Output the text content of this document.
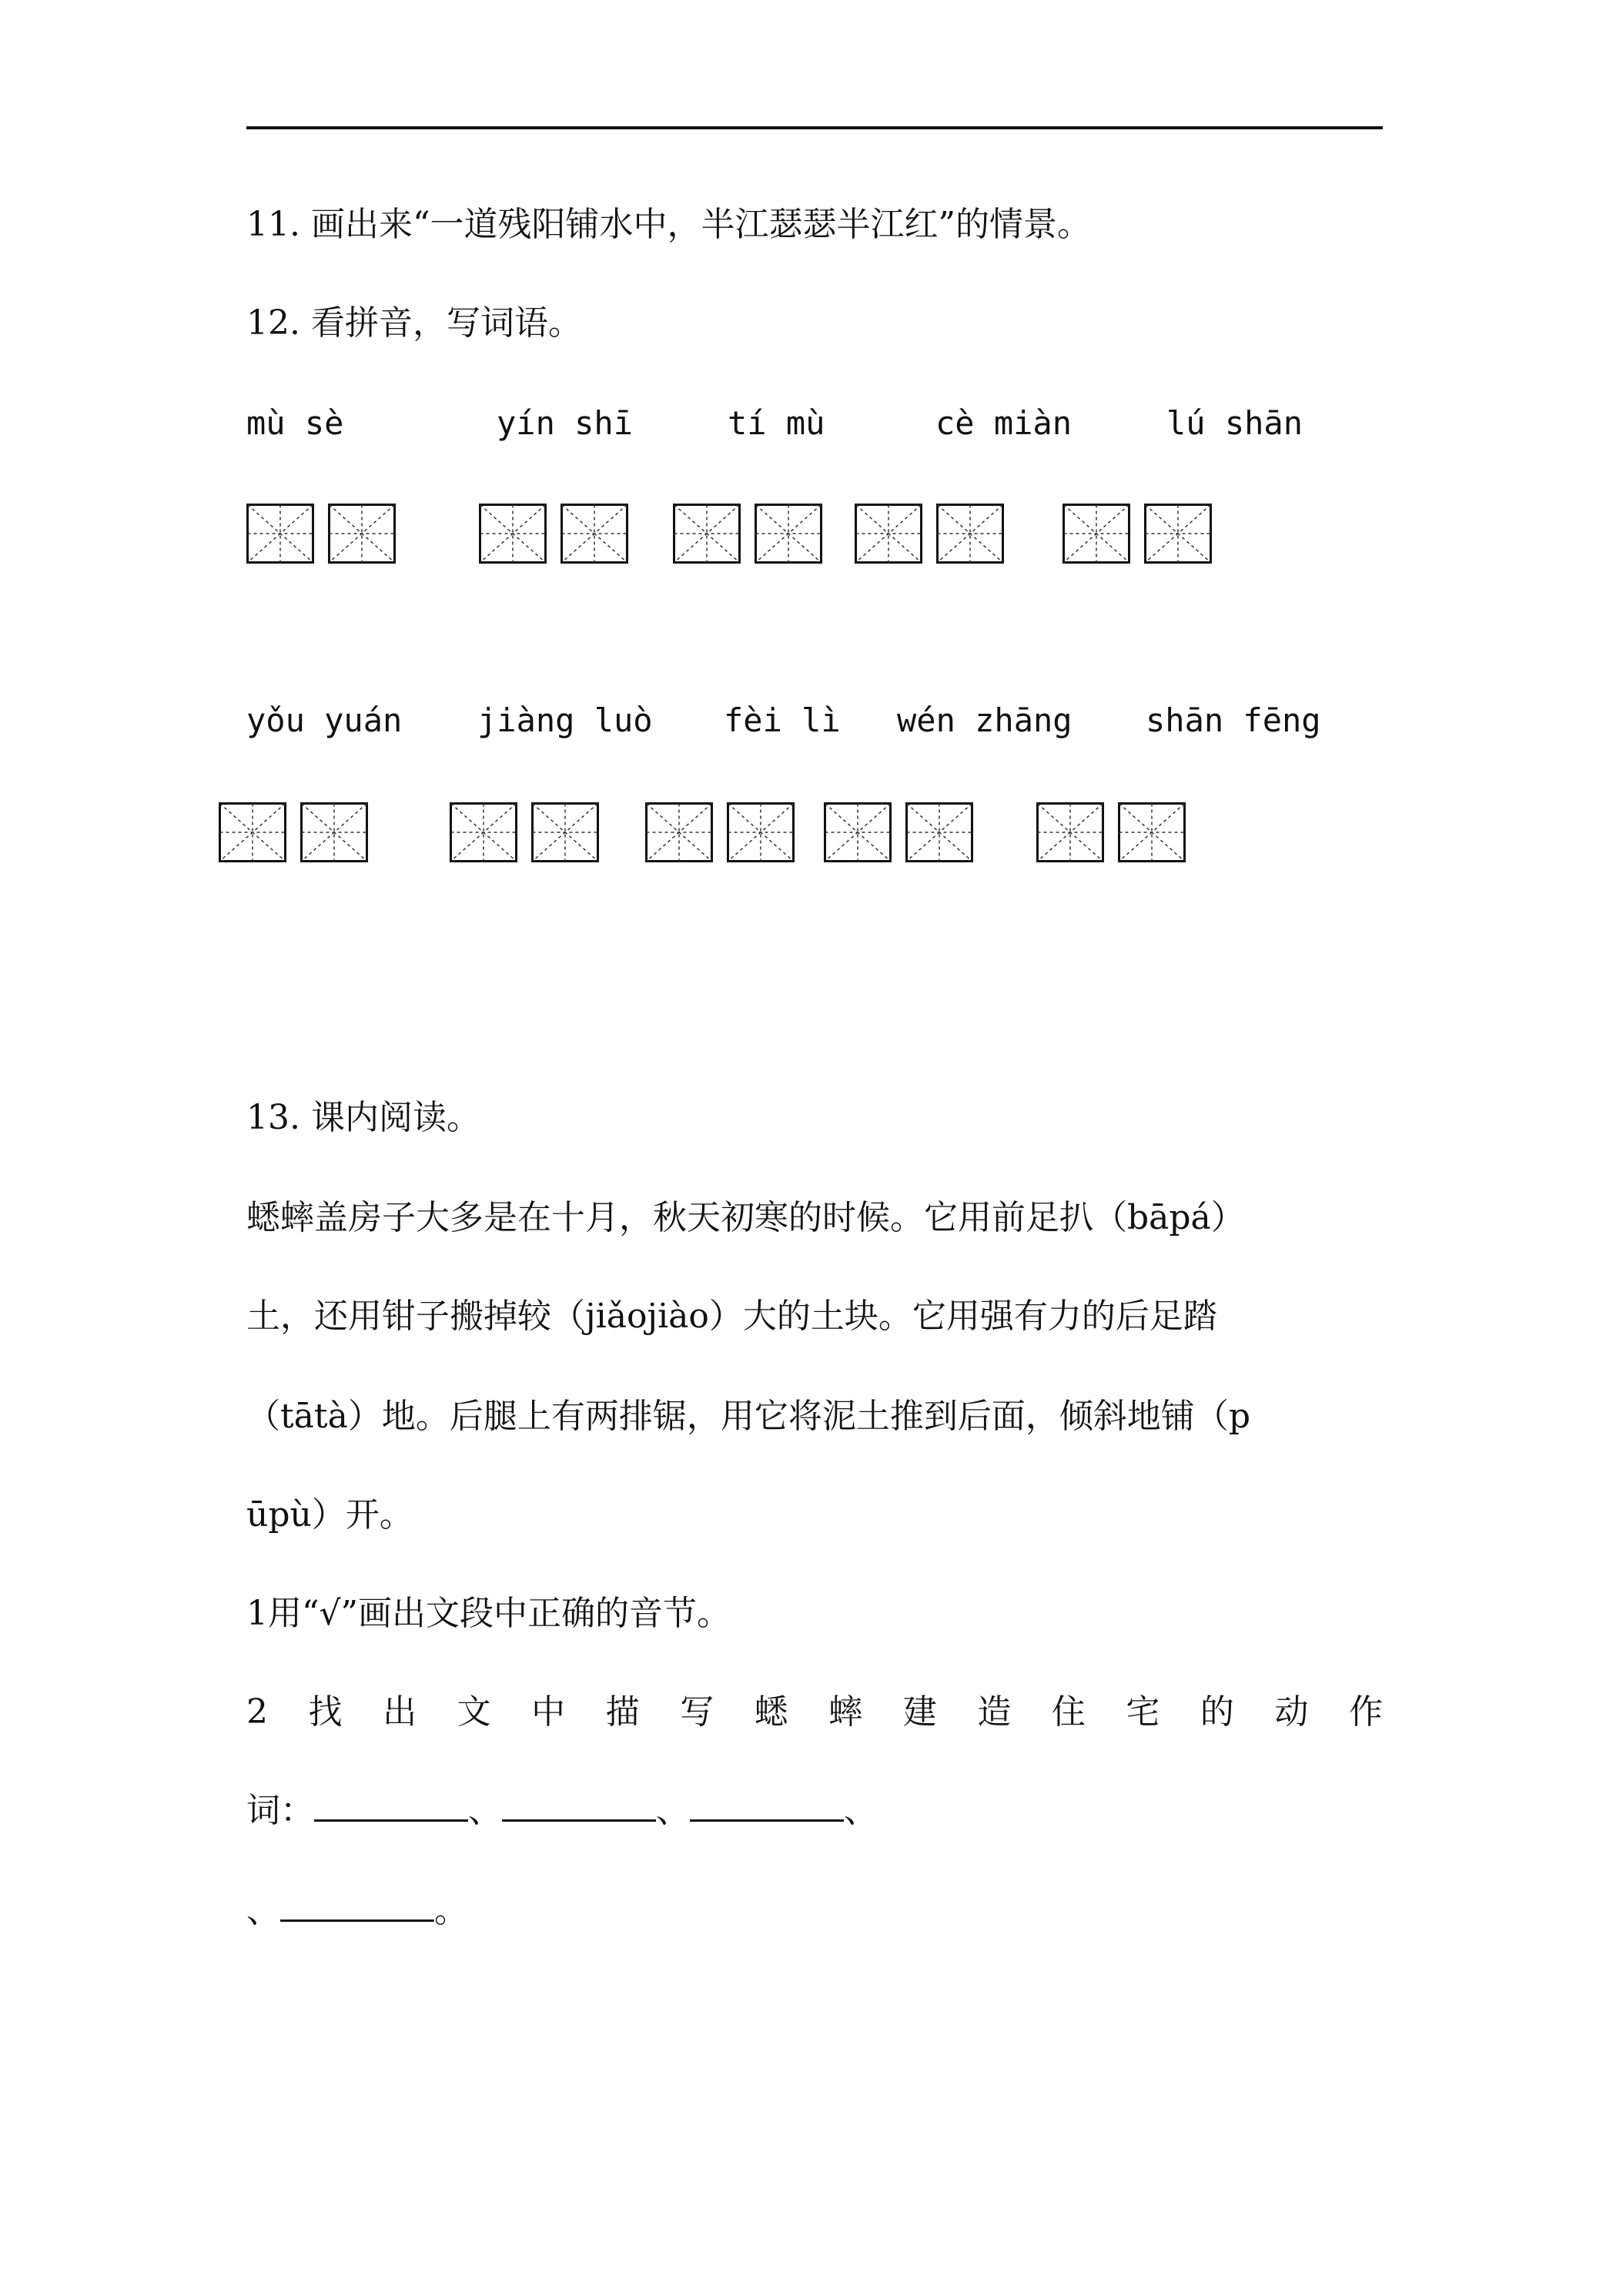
11. 画出来“一道残阳铺水中，半江瑟瑟半江红”的情景。
12. 看拼音，写词语。
mù sè	yín shī	tí mù	cè miàn	lú shān
yǒu yuán jiàng luò fèi lì wén zhāng shān fēng
13. 课内阅读。
蟋蟀盖房子大多是在十月，秋天初寒的时候。它用前足扒（bāpá）
土，还用钳子搬掉较（jiǎojiào）大的土块。它用强有力的后足踏
（tātà）地。后腿上有两排锯，用它将泥土推到后面，倾斜地铺（p
ūpù）开。
1用“√”画出文段中正确的音节。
2 找 出 文 中 描 写 蟋 蟀 建 造 住 宅 的 动 作
词：	、	、	、
、	。
